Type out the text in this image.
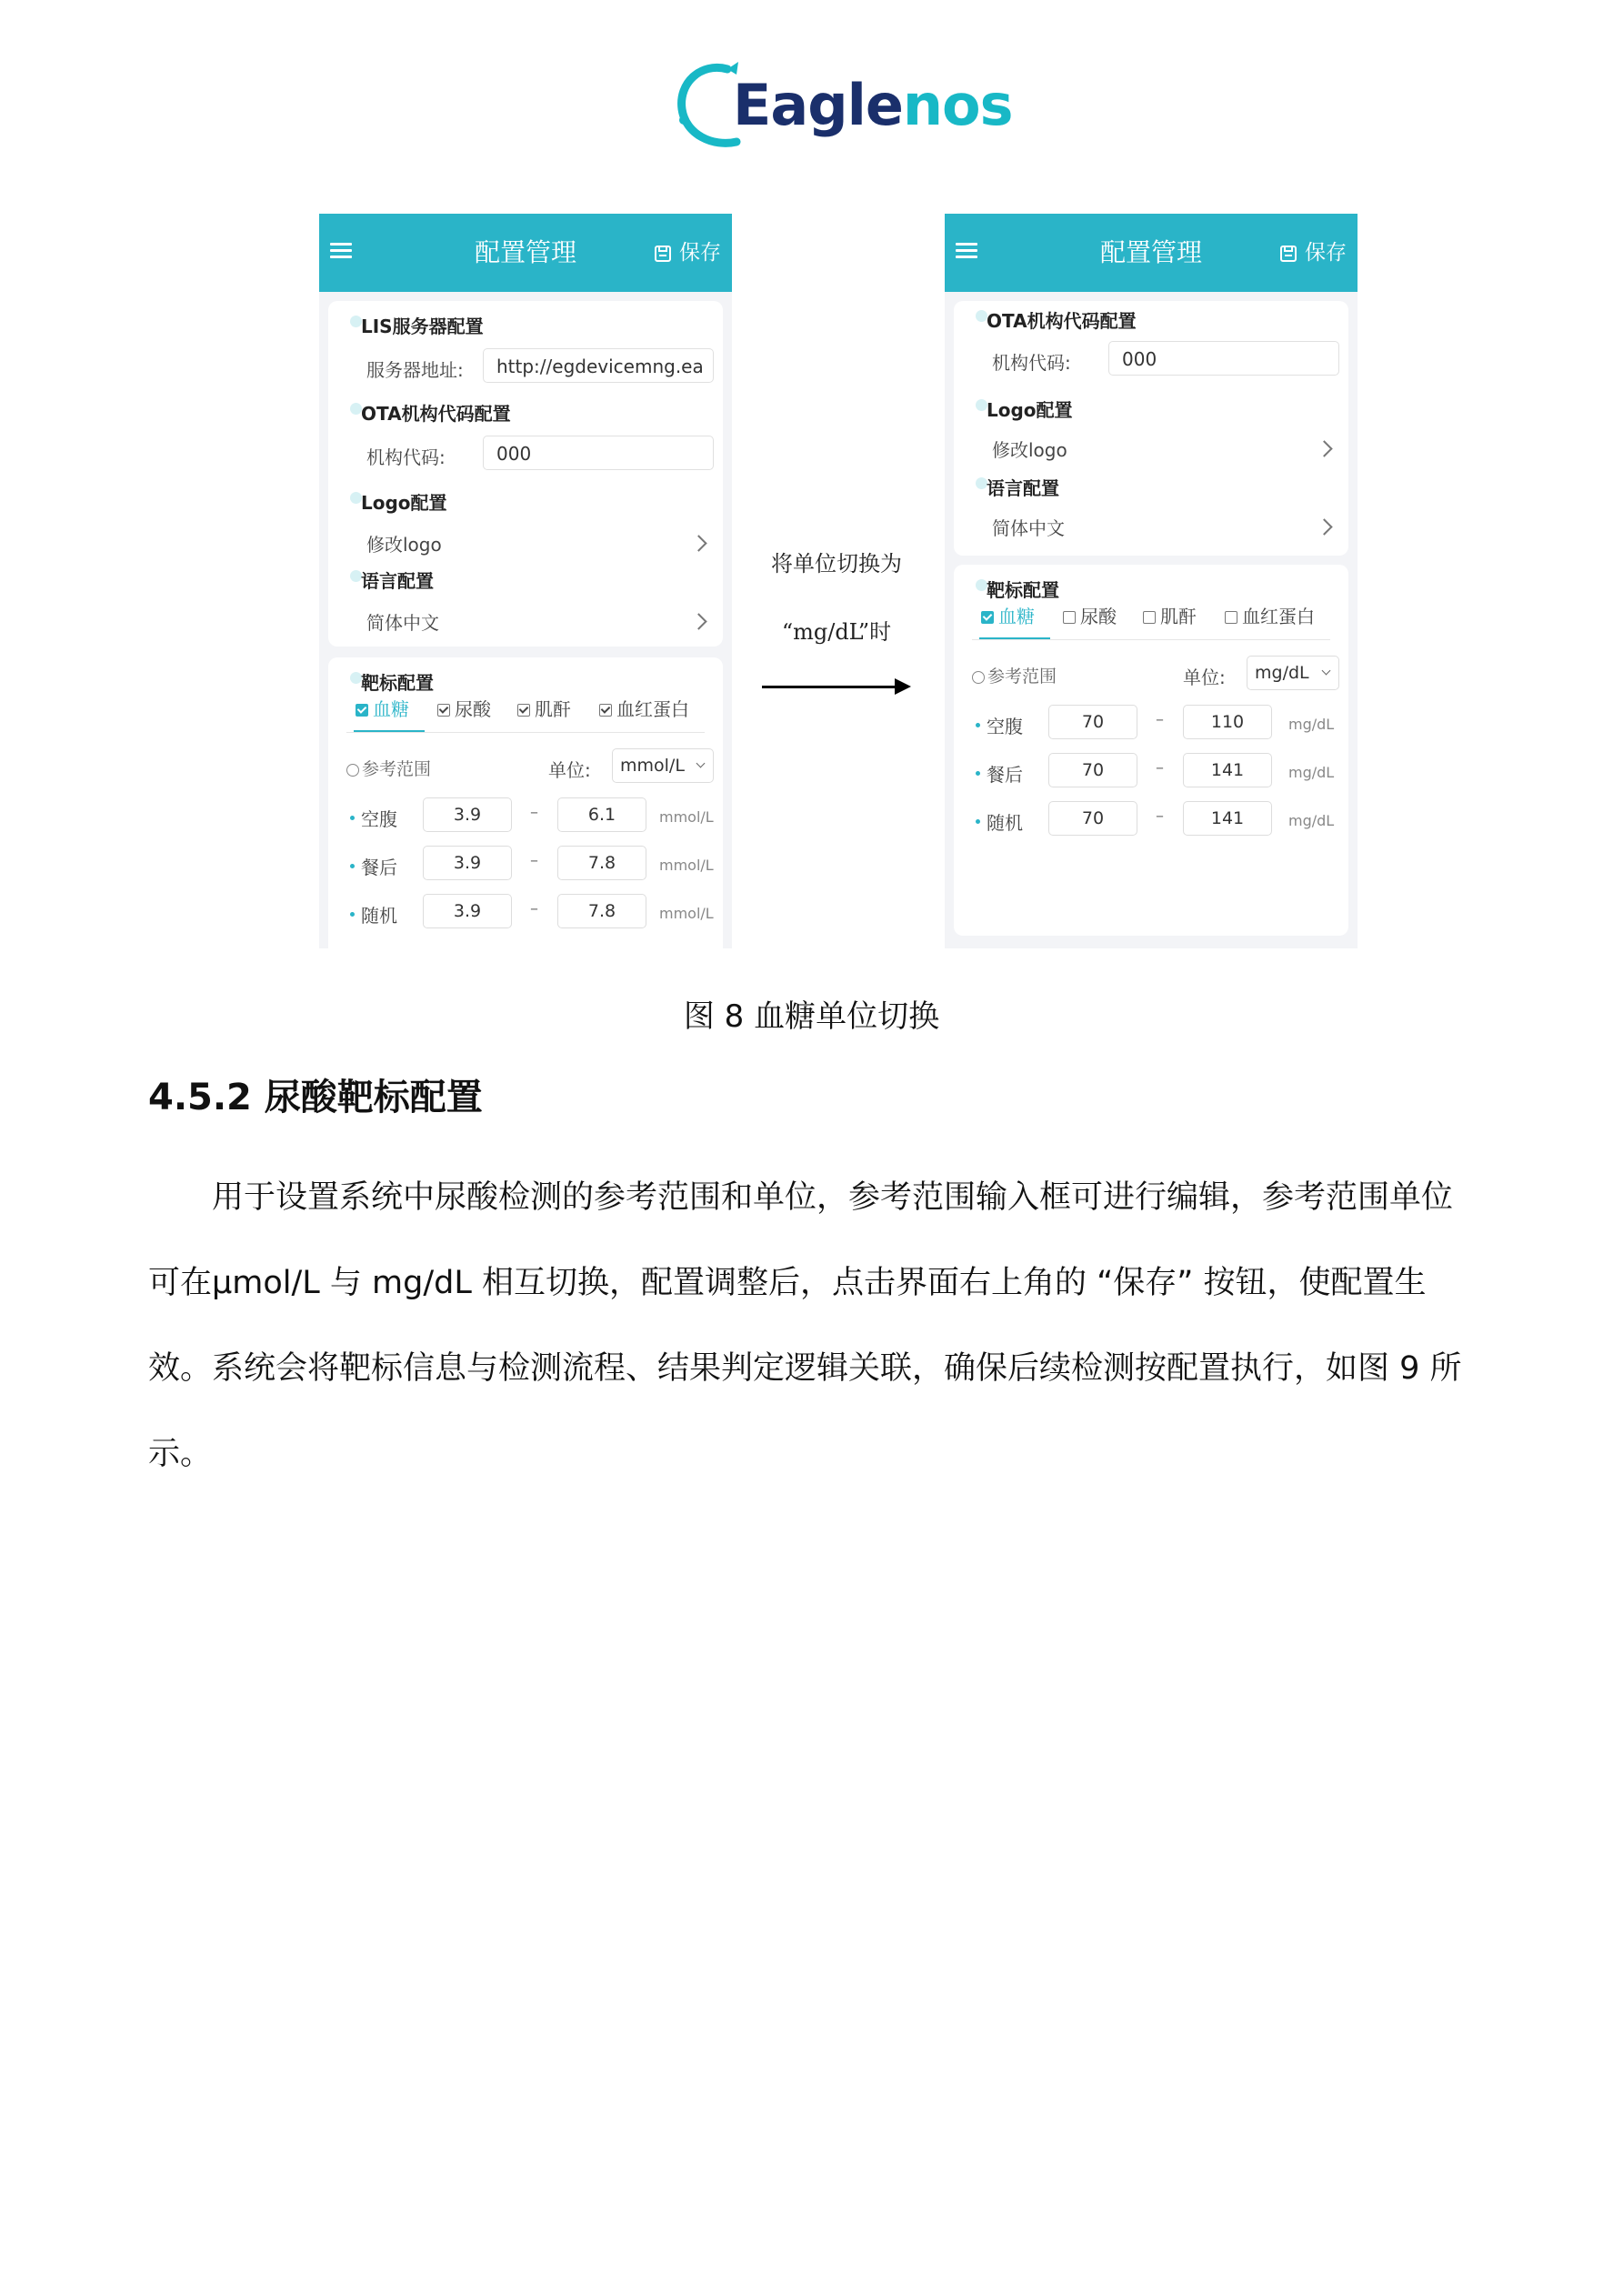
Eaglenos
配置管理	保存
LIS服务器配置
服务器地址:	http://egdevicemng.ea
OTA机构代码配置
机构代码:	000
Logo配置
修改logo
语言配置
简体中文
靶标配置
血糖	尿酸	肌酐	血红蛋白
参考范围	单位:	mmol/L
空腹	3.9	–	6.1	mmol/L
餐后	3.9	–	7.8	mmol/L
随机	3.9	–	7.8	mmol/L
将单位切换为
“mg/dL”时
配置管理	保存
OTA机构代码配置
机构代码:	000
Logo配置
修改logo
语言配置
简体中文
靶标配置
血糖	尿酸	肌酐	血红蛋白
参考范围	单位:	mg/dL
空腹	70	–	110	mg/dL
餐后	70	–	141	mg/dL
随机	70	–	141	mg/dL
图 8 血糖单位切换
4.5.2 尿酸靶标配置
用于设置系统中尿酸检测的参考范围和单位，参考范围输入框可进行编辑，参考范围单位可在μmol/L 与 mg/dL 相互切换，配置调整后，点击界面右上角的 “保存” 按钮，使配置生效。系统会将靶标信息与检测流程、结果判定逻辑关联，确保后续检测按配置执行，如图 9 所示。
